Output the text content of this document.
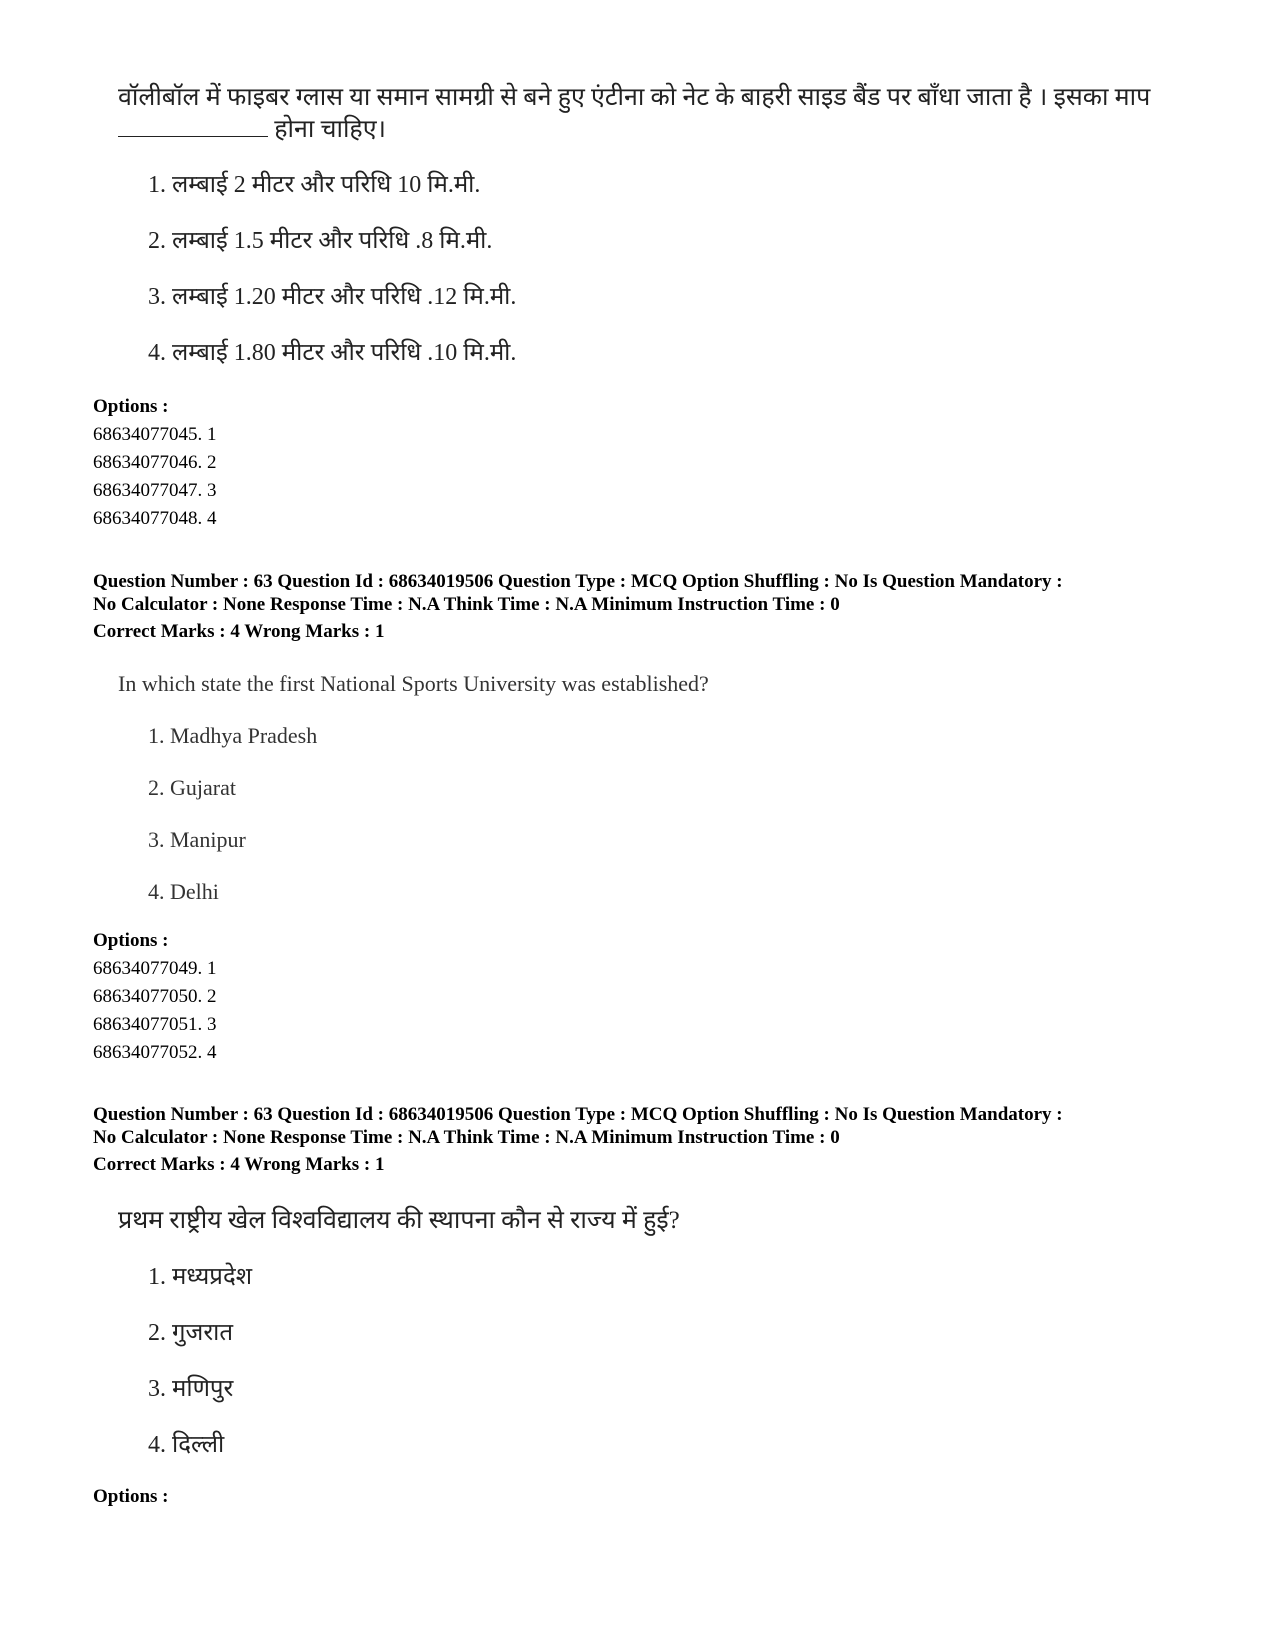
वॉलीबॉल में फाइबर ग्लास या समान सामग्री से बने हुए एंटीना को नेट के बाहरी साइड बैंड पर बाँधा जाता है । इसका माप  होना चाहिए।
1. लम्बाई 2 मीटर और परिधि 10 मि.मी.
2. लम्बाई 1.5 मीटर और परिधि .8 मि.मी.
3. लम्बाई 1.20 मीटर और परिधि .12 मि.मी.
4. लम्बाई 1.80 मीटर और परिधि .10 मि.मी.
Options :
68634077045. 1
68634077046. 2
68634077047. 3
68634077048. 4
Question Number : 63 Question Id : 68634019506 Question Type : MCQ Option Shuffling : No Is Question Mandatory :
No Calculator : None Response Time : N.A Think Time : N.A Minimum Instruction Time : 0
Correct Marks : 4 Wrong Marks : 1
In which state the first National Sports University was established?
1. Madhya Pradesh
2. Gujarat
3. Manipur
4. Delhi
Options :
68634077049. 1
68634077050. 2
68634077051. 3
68634077052. 4
Question Number : 63 Question Id : 68634019506 Question Type : MCQ Option Shuffling : No Is Question Mandatory :
No Calculator : None Response Time : N.A Think Time : N.A Minimum Instruction Time : 0
Correct Marks : 4 Wrong Marks : 1
प्रथम राष्ट्रीय खेल विश्वविद्यालय की स्थापना कौन से राज्य में हुई?
1. मध्यप्रदेश
2. गुजरात
3. मणिपुर
4. दिल्ली
Options :
